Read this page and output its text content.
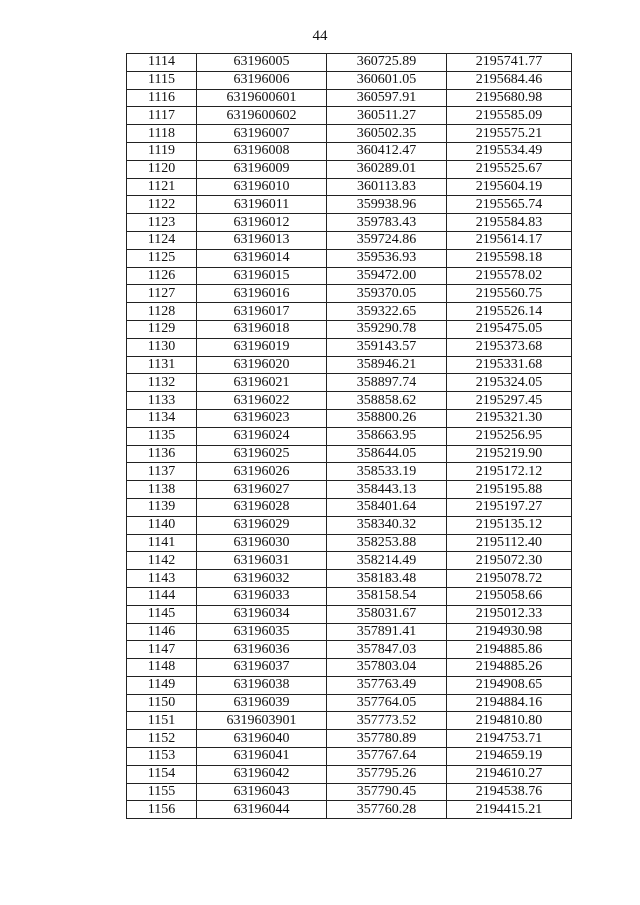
44
1114	63196005	360725.89	2195741.77
1115	63196006	360601.05	2195684.46
1116	6319600601	360597.91	2195680.98
1117	6319600602	360511.27	2195585.09
1118	63196007	360502.35	2195575.21
1119	63196008	360412.47	2195534.49
1120	63196009	360289.01	2195525.67
1121	63196010	360113.83	2195604.19
1122	63196011	359938.96	2195565.74
1123	63196012	359783.43	2195584.83
1124	63196013	359724.86	2195614.17
1125	63196014	359536.93	2195598.18
1126	63196015	359472.00	2195578.02
1127	63196016	359370.05	2195560.75
1128	63196017	359322.65	2195526.14
1129	63196018	359290.78	2195475.05
1130	63196019	359143.57	2195373.68
1131	63196020	358946.21	2195331.68
1132	63196021	358897.74	2195324.05
1133	63196022	358858.62	2195297.45
1134	63196023	358800.26	2195321.30
1135	63196024	358663.95	2195256.95
1136	63196025	358644.05	2195219.90
1137	63196026	358533.19	2195172.12
1138	63196027	358443.13	2195195.88
1139	63196028	358401.64	2195197.27
1140	63196029	358340.32	2195135.12
1141	63196030	358253.88	2195112.40
1142	63196031	358214.49	2195072.30
1143	63196032	358183.48	2195078.72
1144	63196033	358158.54	2195058.66
1145	63196034	358031.67	2195012.33
1146	63196035	357891.41	2194930.98
1147	63196036	357847.03	2194885.86
1148	63196037	357803.04	2194885.26
1149	63196038	357763.49	2194908.65
1150	63196039	357764.05	2194884.16
1151	6319603901	357773.52	2194810.80
1152	63196040	357780.89	2194753.71
1153	63196041	357767.64	2194659.19
1154	63196042	357795.26	2194610.27
1155	63196043	357790.45	2194538.76
1156	63196044	357760.28	2194415.21
